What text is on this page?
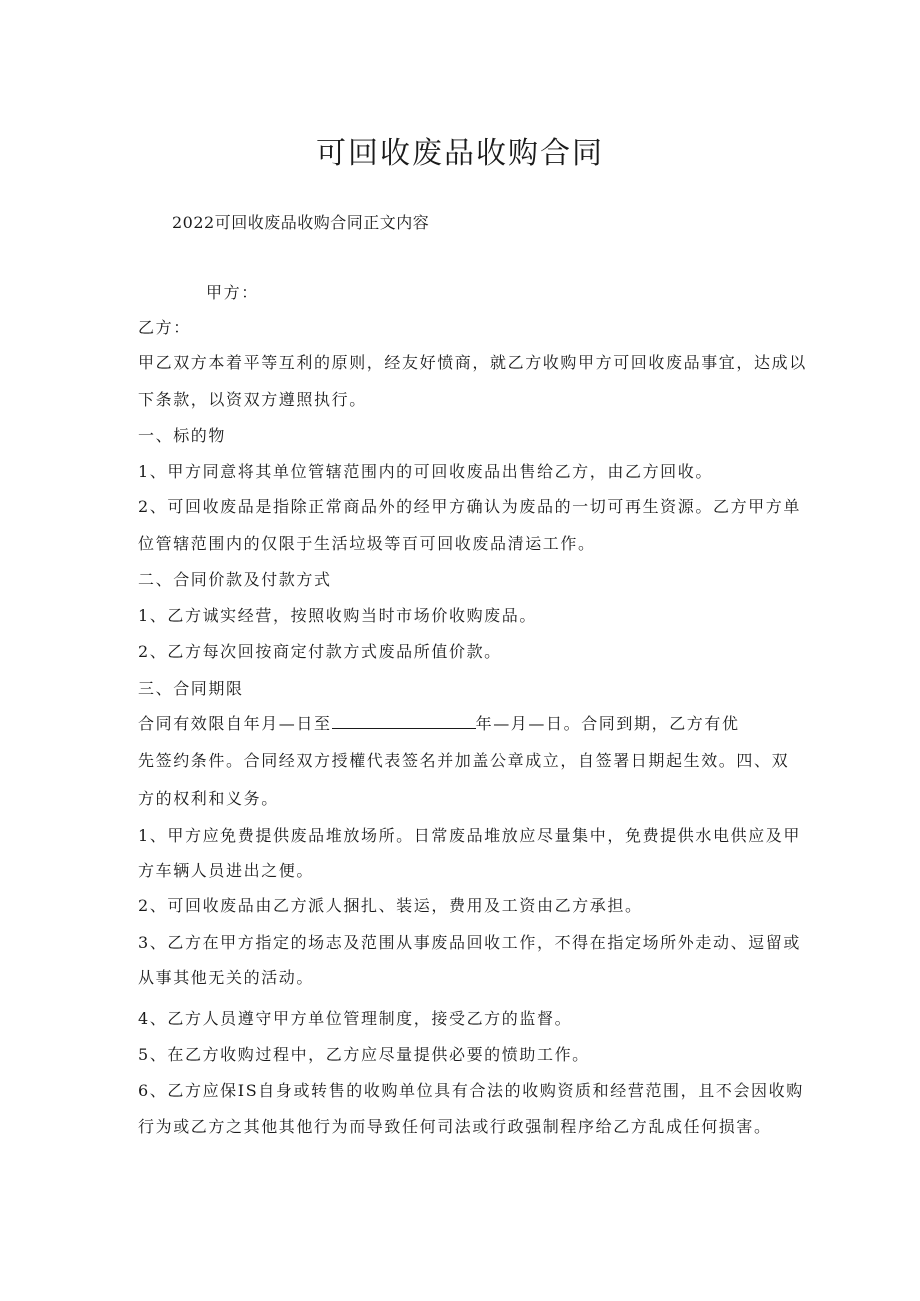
可回收废品收购合同

2022可回收废品收购合同正文内容

甲方：

乙方：

甲乙双方本着平等互利的原则，经友好愤商，就乙方收购甲方可回收废品事宜，达成以

下条款，以资双方遵照执行。

一、标的物

1、甲方同意将其单位管辖范围内的可回收废品出售给乙方，由乙方回收。

2、可回收废品是指除正常商品外的经甲方确认为废品的一切可再生资源。乙方甲方单

位管辖范围内的仅限于生活垃圾等百可回收废品清运工作。

二、合同价款及付款方式

1、乙方诚实经营，按照收购当时市场价收购废品。

2、乙方每次回按商定付款方式废品所值价款。

三、合同期限

合同有效限自年月—日至	年—月—日。合同到期，乙方有优

先签约条件。合同经双方授權代表签名并加盖公章成立，自签署日期起生效。四、双

方的权利和义务。

1、甲方应免费提供废品堆放场所。日常废品堆放应尽量集中，免费提供水电供应及甲

方车辆人员进出之便。

2、可回收废品由乙方派人捆扎、装运，费用及工资由乙方承担。

3、乙方在甲方指定的场志及范围从事废品回收工作，不得在指定场所外走动、逗留或

从事其他无关的活动。

4、乙方人员遵守甲方单位管理制度，接受乙方的监督。

5、在乙方收购过程中，乙方应尽量提供必要的愤助工作。

6、乙方应保IS自身或转售的收购单位具有合法的收购资质和经营范围，且不会因收购

行为或乙方之其他其他行为而导致任何司法或行政强制程序给乙方乱成任何损害。
